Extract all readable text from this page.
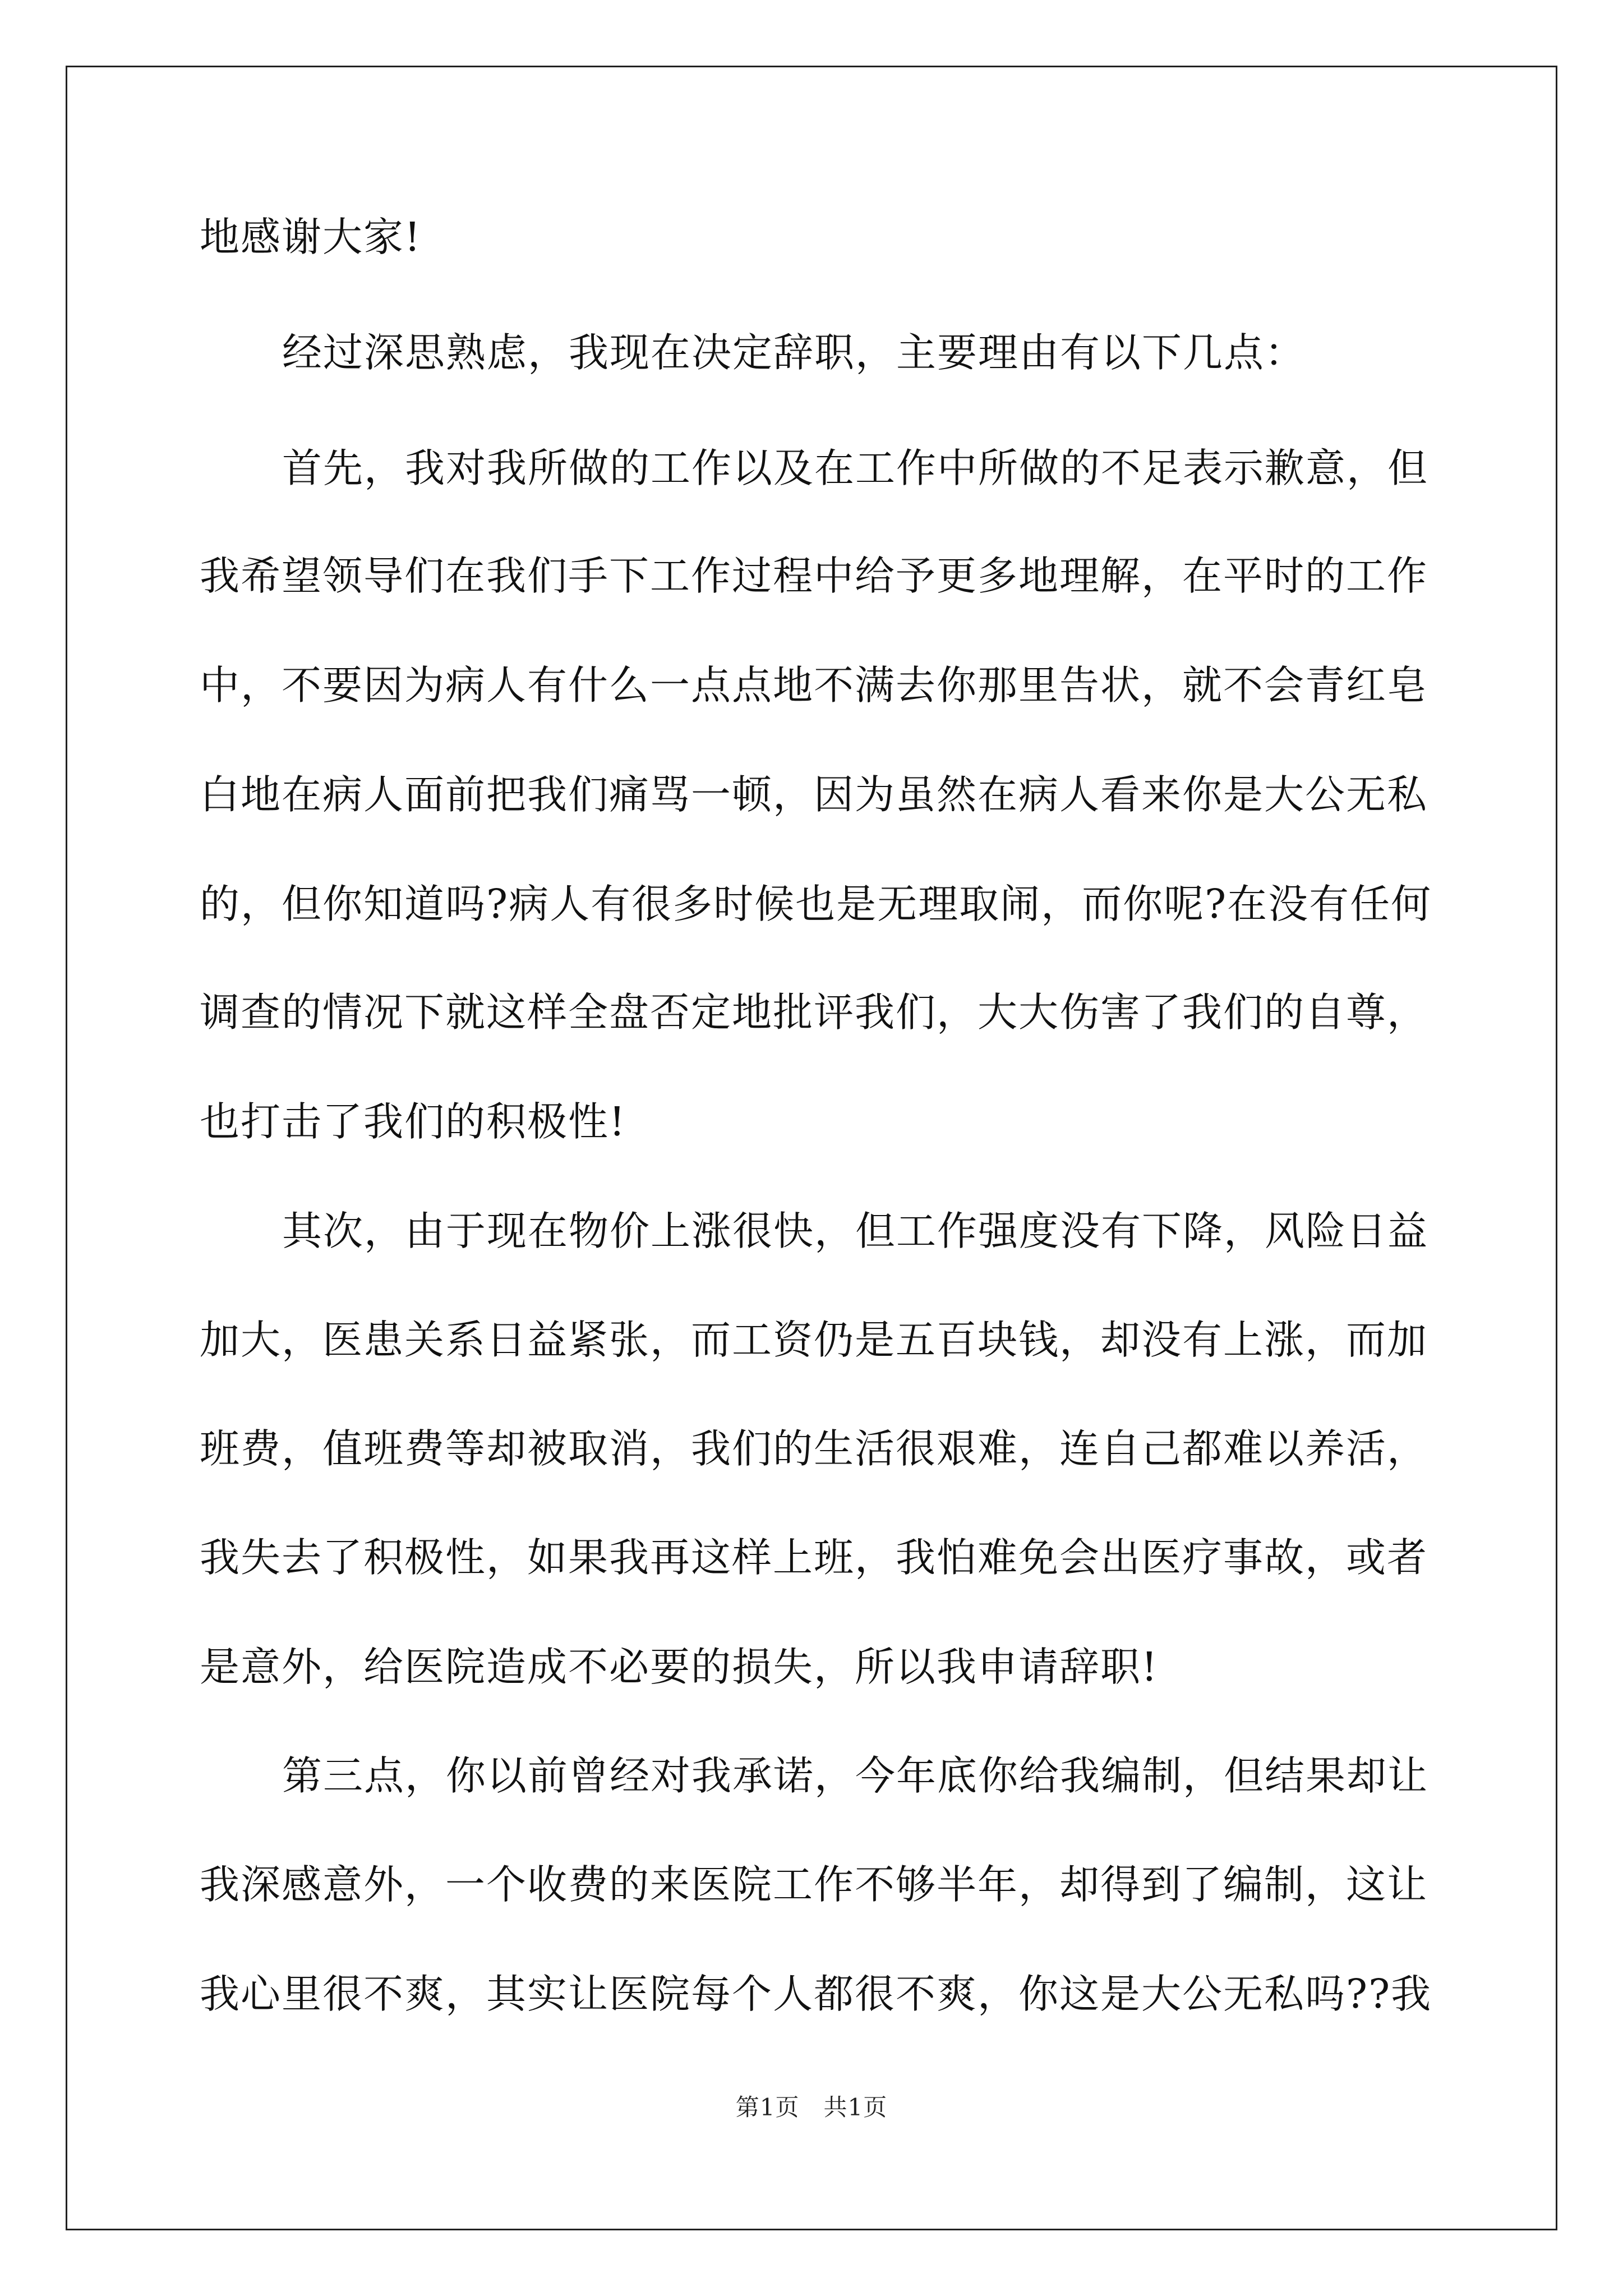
地感谢大家!
经过深思熟虑，我现在决定辞职，主要理由有以下几点：
首先，我对我所做的工作以及在工作中所做的不足表示歉意，但
我希望领导们在我们手下工作过程中给予更多地理解，在平时的工作
中，不要因为病人有什么一点点地不满去你那里告状，就不会青红皂
白地在病人面前把我们痛骂一顿，因为虽然在病人看来你是大公无私
的，但你知道吗?病人有很多时候也是无理取闹，而你呢?在没有任何
调查的情况下就这样全盘否定地批评我们，大大伤害了我们的自尊，
也打击了我们的积极性!
其次，由于现在物价上涨很快，但工作强度没有下降，风险日益
加大，医患关系日益紧张，而工资仍是五百块钱，却没有上涨，而加
班费，值班费等却被取消，我们的生活很艰难，连自己都难以养活，
我失去了积极性，如果我再这样上班，我怕难免会出医疗事故，或者
是意外，给医院造成不必要的损失，所以我申请辞职!
第三点，你以前曾经对我承诺，今年底你给我编制，但结果却让
我深感意外，一个收费的来医院工作不够半年，却得到了编制，这让
我心里很不爽，其实让医院每个人都很不爽，你这是大公无私吗??我
第1页　共1页
